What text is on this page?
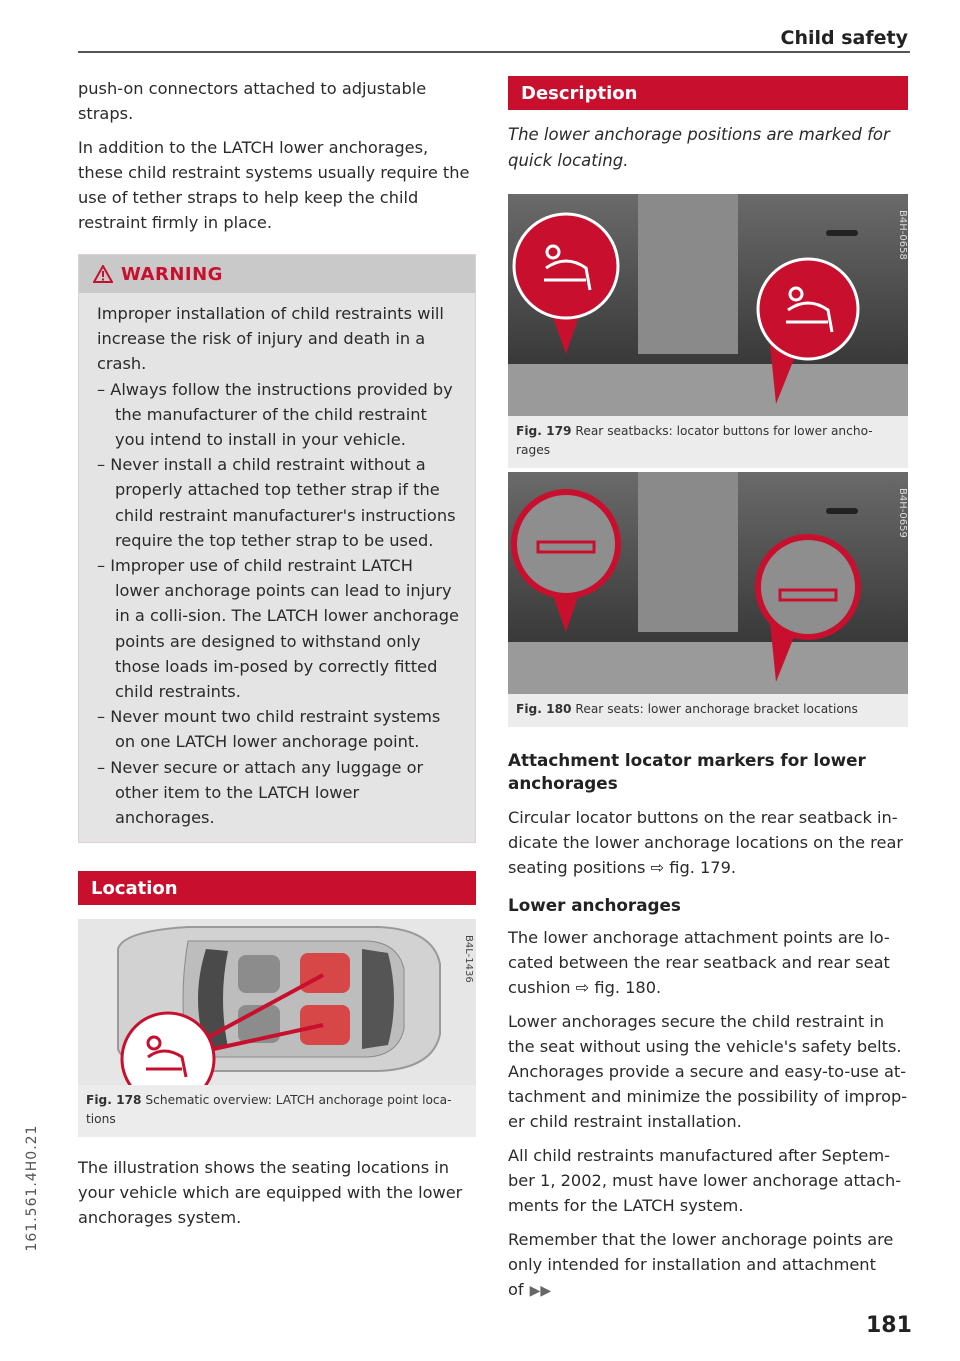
Child safety
161.561.4H0.21

push-on connectors attached to adjustable straps.

In addition to the LATCH lower anchorages, these child restraint systems usually require the use of tether straps to help keep the child restraint firmly in place.

WARNING

Improper installation of child restraints will increase the risk of injury and death in a crash.

– Always follow the instructions provided by the manufacturer of the child restraint you intend to install in your vehicle.

– Never install a child restraint without a properly attached top tether strap if the child restraint manufacturer's instructions require the top tether strap to be used.

– Improper use of child restraint LATCH lower anchorage points can lead to injury in a colli-sion. The LATCH lower anchorage points are designed to withstand only those loads im-posed by correctly fitted child restraints.

– Never mount two child restraint systems on one LATCH lower anchorage point.

– Never secure or attach any luggage or other item to the LATCH lower anchorages.

Location
B4L-1436
Fig. 178 Schematic overview: LATCH anchorage point loca-tions

The illustration shows the seating locations in your vehicle which are equipped with the lower anchorages system.

Description

The lower anchorage positions are marked for quick locating.

B4H-0658
Fig. 179 Rear seatbacks: locator buttons for lower ancho-rages
B4H-0659
Fig. 180 Rear seats: lower anchorage bracket locations
Attachment locator markers for lower anchorages

Circular locator buttons on the rear seatback in-dicate the lower anchorage locations on the rear seating positions ⇨ fig. 179.

Lower anchorages

The lower anchorage attachment points are lo-cated between the rear seatback and rear seat cushion ⇨ fig. 180.

Lower anchorages secure the child restraint in the seat without using the vehicle's safety belts. Anchorages provide a secure and easy-to-use at-tachment and minimize the possibility of improp-er child restraint installation.

All child restraints manufactured after Septem-ber 1, 2002, must have lower anchorage attach-ments for the LATCH system.

Remember that the lower anchorage points are only intended for installation and attachment of ▶▶

181
